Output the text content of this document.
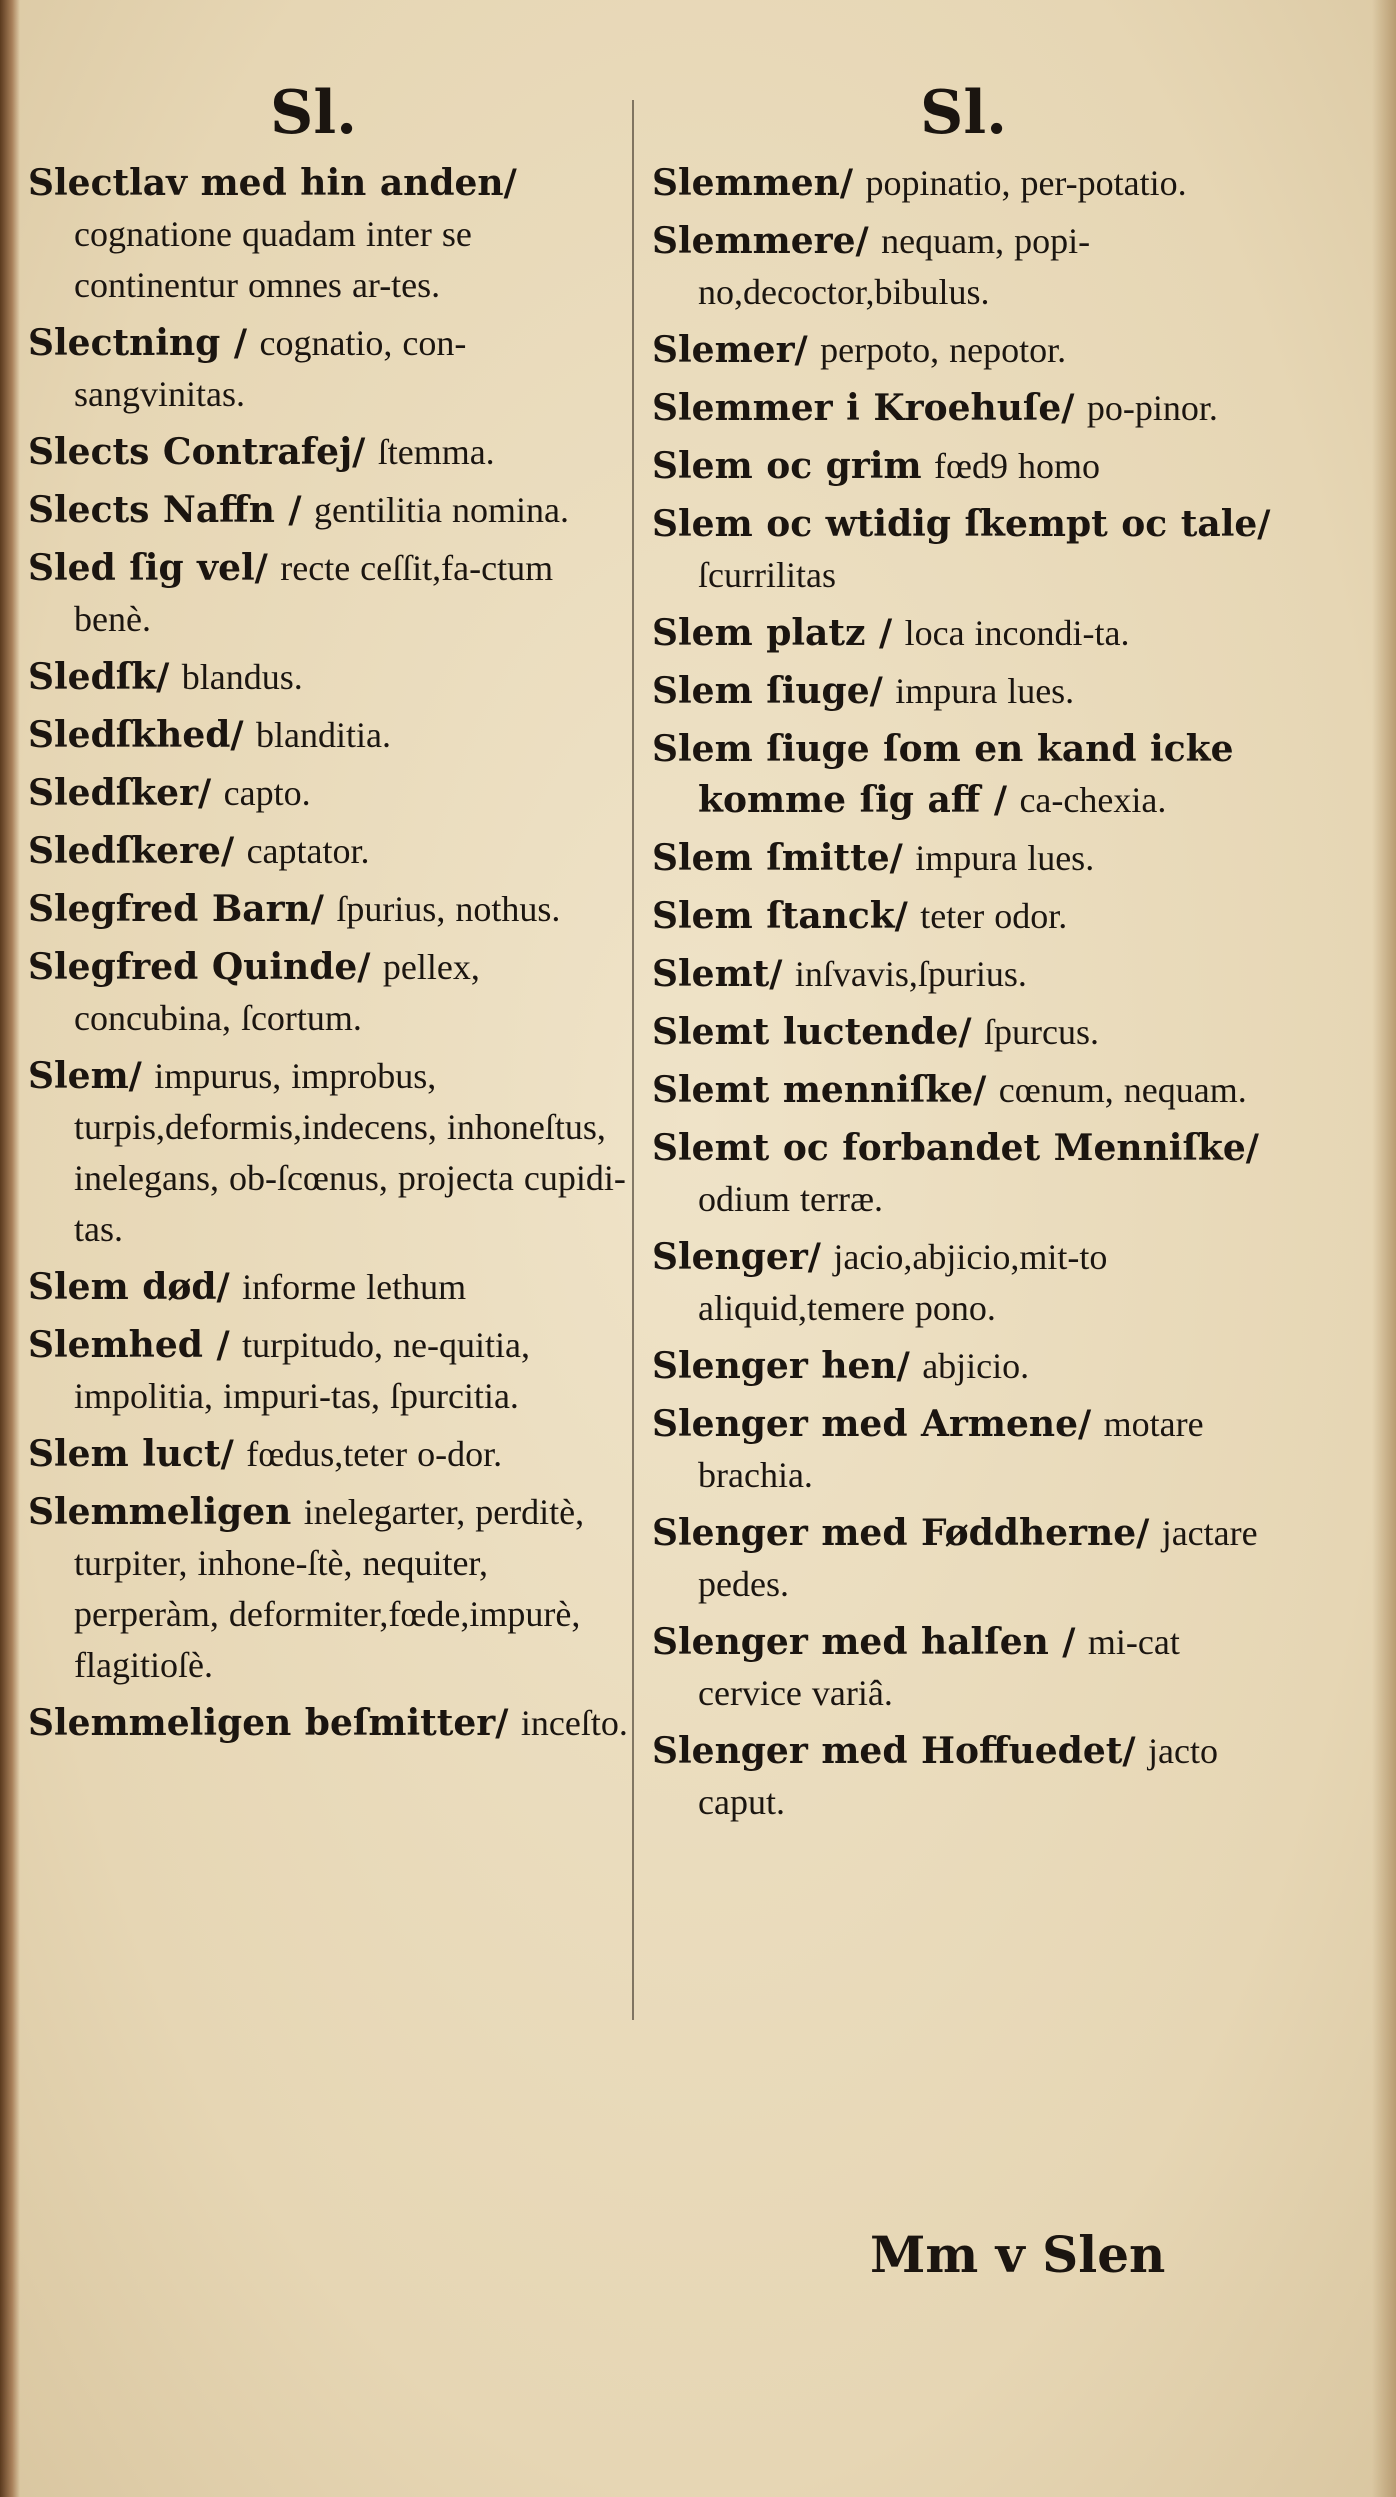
Sl.	Sl.
Slectlav med hin anden/ cognatione quadam inter se continentur omnes ar-tes.
Slectning / cognatio, con-sangvinitas.
Slects Contrafej/ ſtemma.
Slects Naffn / gentilitia nomina.
Sled ſig vel/ recte ceſſit,fa-ctum benè.
Sledſk/ blandus.
Sledſkhed/ blanditia.
Sledſker/ capto.
Sledſkere/ captator.
Slegfred Barn/ ſpurius, nothus.
Slegfred Quinde/ pellex, concubina, ſcortum.
Slem/ impurus, improbus, turpis,deformis,indecens, inhoneſtus, inelegans, ob-ſcœnus, projecta cupidi-tas.
Slem død/ informe lethum
Slemhed / turpitudo, ne-quitia, impolitia, impuri-tas, ſpurcitia.
Slem luct/ fœdus,teter o-dor.
Slemmeligen inelegarter, perditè, turpiter, inhone-ſtè, nequiter, perperàm, deformiter,fœde,impurè, flagitioſè.
Slemmeligen beſmitter/ inceſto.
Slemmen/ popinatio, per-potatio.
Slemmere/ nequam, popi-no,decoctor,bibulus.
Slemer/ perpoto, nepotor.
Slemmer i Kroehuſe/ po-pinor.
Slem oc grim fœd9 homo
Slem oc wtidig ſkempt oc tale/ ſcurrilitas
Slem platz / loca incondi-ta.
Slem ſiuge/ impura lues.
Slem ſiuge ſom en kand icke komme ſig aff / ca-chexia.
Slem ſmitte/ impura lues.
Slem ſtanck/ teter odor.
Slemt/ inſvavis,ſpurius.
Slemt luctende/ ſpurcus.
Slemt menniſke/ cœnum, nequam.
Slemt oc forbandet Menniſke/ odium terræ.
Slenger/ jacio,abjicio,mit-to aliquid,temere pono.
Slenger hen/ abjicio.
Slenger med Armene/ motare brachia.
Slenger med Føddherne/ jactare pedes.
Slenger med halſen / mi-cat cervice variâ.
Slenger med Hoffuedet/ jacto caput.
Mm v Slen
